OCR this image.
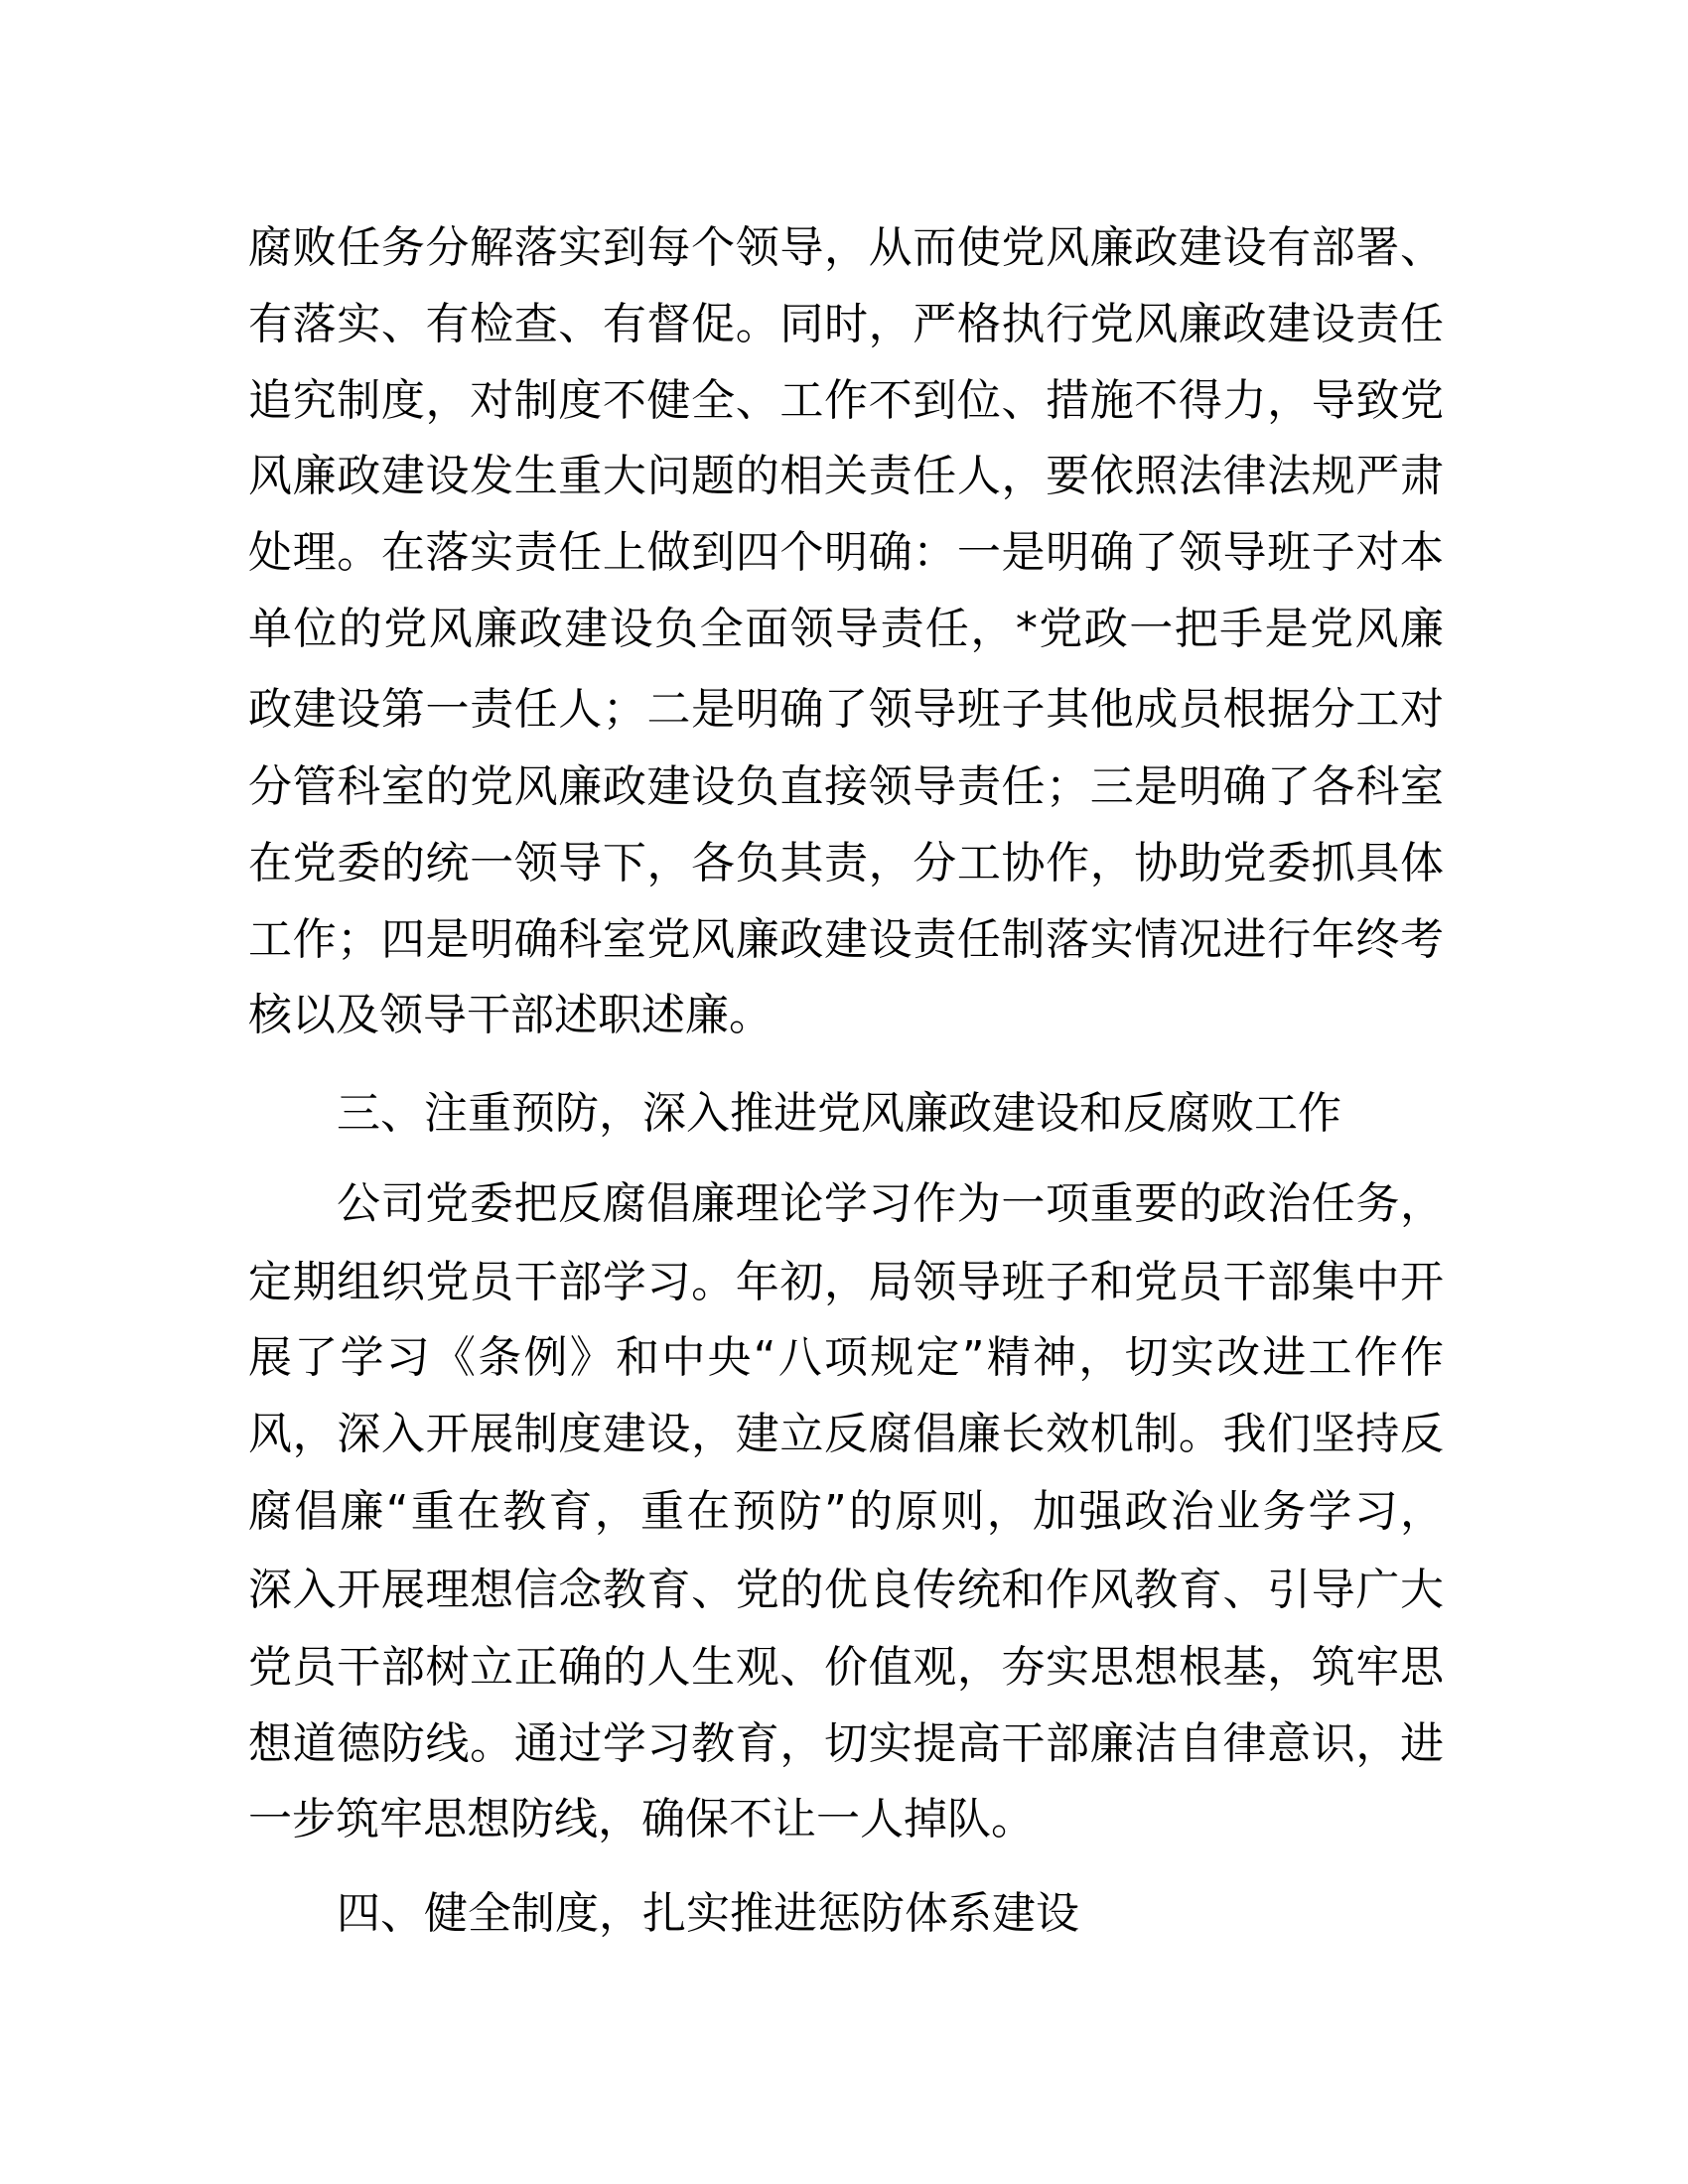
腐败任务分解落实到每个领导，从而使党风廉政建设有部署、
有落实、有检查、有督促。同时，严格执行党风廉政建设责任
追究制度，对制度不健全、工作不到位、措施不得力，导致党
风廉政建设发生重大问题的相关责任人，要依照法律法规严肃
处理。在落实责任上做到四个明确：一是明确了领导班子对本
单位的党风廉政建设负全面领导责任，*党政一把手是党风廉
政建设第一责任人；二是明确了领导班子其他成员根据分工对
分管科室的党风廉政建设负直接领导责任；三是明确了各科室
在党委的统一领导下，各负其责，分工协作，协助党委抓具体
工作；四是明确科室党风廉政建设责任制落实情况进行年终考
核以及领导干部述职述廉。
三、注重预防，深入推进党风廉政建设和反腐败工作
公司党委把反腐倡廉理论学习作为一项重要的政治任务，
定期组织党员干部学习。年初，局领导班子和党员干部集中开
展了学习《条例》和中央“八项规定”精神，切实改进工作作
风，深入开展制度建设，建立反腐倡廉长效机制。我们坚持反
腐倡廉“重在教育，重在预防”的原则，加强政治业务学习，
深入开展理想信念教育、党的优良传统和作风教育、引导广大
党员干部树立正确的人生观、价值观，夯实思想根基，筑牢思
想道德防线。通过学习教育，切实提高干部廉洁自律意识，进
一步筑牢思想防线，确保不让一人掉队。
四、健全制度，扎实推进惩防体系建设
